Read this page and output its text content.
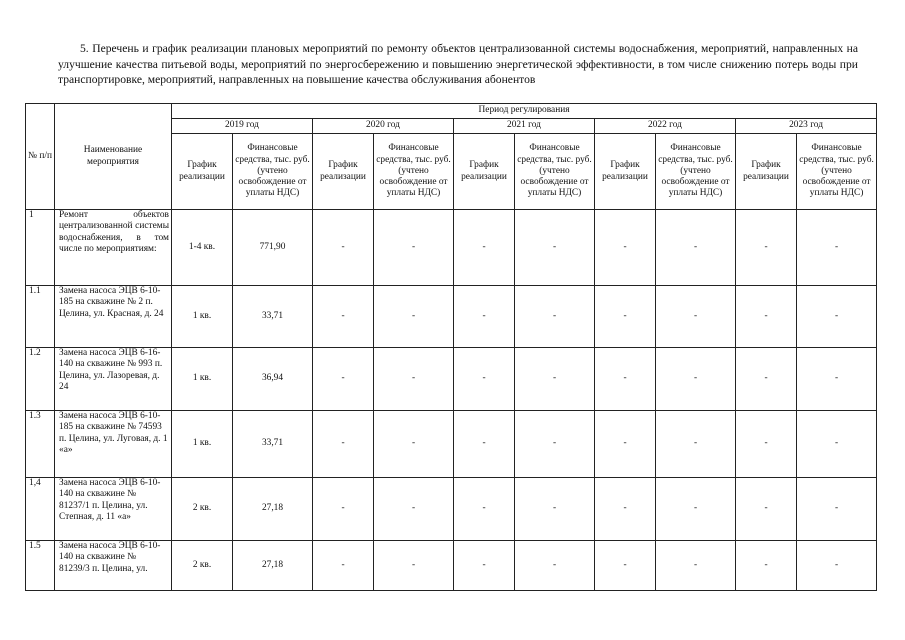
5. Перечень и график реализации плановых мероприятий по ремонту объектов централизованной системы водоснабжения, мероприятий, направленных на улучшение качества питьевой воды, мероприятий по энергосбережению и повышению энергетической эффективности, в том числе снижению потерь воды при транспортировке, мероприятий, направленных на повышение качества обслуживания абонентов
№ п/п	Наименование мероприятия	Период регулирования									
		2019 год		2020 год		2021 год		2022 год		2023 год	
		График реализации	Финансовые средства, тыс. руб. (учтено освобождение от уплаты НДС)	График реализации	Финансовые средства, тыс. руб. (учтено освобождение от уплаты НДС)	График реализации	Финансовые средства, тыс. руб. (учтено освобождение от уплаты НДС)	График реализации	Финансовые средства, тыс. руб. (учтено освобождение от уплаты НДС)	График реализации	Финансовые средства, тыс. руб. (учтено освобождение от уплаты НДС)
1	Ремонт объектов централизованной системы водоснабжения, в том числе по мероприятиям:	1-4 кв.	771,90	-	-	-	-	-	-	-	-
1.1	Замена насоса ЭЦВ 6-10-185 на скважине № 2 п. Целина, ул. Красная, д. 24	1 кв.	33,71	-	-	-	-	-	-	-	-
1.2	Замена насоса ЭЦВ 6-16-140 на скважине № 993 п. Целина, ул. Лазоревая, д. 24	1 кв.	36,94	-	-	-	-	-	-	-	-
1.3	Замена насоса ЭЦВ 6-10-185 на скважине № 74593 п. Целина, ул. Луговая, д. 1 «а»	1 кв.	33,71	-	-	-	-	-	-	-	-
1,4	Замена насоса ЭЦВ 6-10-140 на скважине № 81237/1 п. Целина, ул. Степная, д. 11 «а»	2 кв.	27,18	-	-	-	-	-	-	-	-
1.5	Замена насоса ЭЦВ 6-10-140 на скважине № 81239/3 п. Целина, ул.	2 кв.	27,18	-	-	-	-	-	-	-	-
